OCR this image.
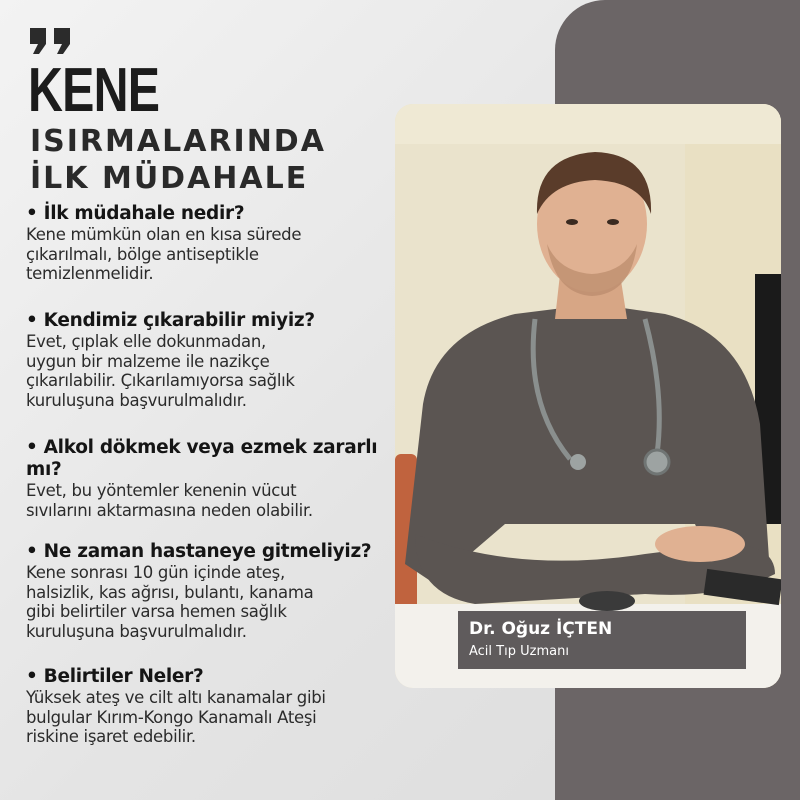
KENE
ISIRMALARINDA
İLK MÜDAHALE
• İlk müdahale nedir?
Kene mümkün olan en kısa sürede
çıkarılmalı, bölge antiseptikle
temizlenmelidir.
• Kendimiz çıkarabilir miyiz?
Evet, çıplak elle dokunmadan,
uygun bir malzeme ile nazikçe
çıkarılabilir. Çıkarılamıyorsa sağlık
kuruluşuna başvurulmalıdır.
• Alkol dökmek veya ezmek zararlı
mı?
Evet, bu yöntemler kenenin vücut
sıvılarını aktarmasına neden olabilir.
• Ne zaman hastaneye gitmeliyiz?
Kene sonrası 10 gün içinde ateş,
halsizlik, kas ağrısı, bulantı, kanama
gibi belirtiler varsa hemen sağlık
kuruluşuna başvurulmalıdır.
• Belirtiler Neler?
Yüksek ateş ve cilt altı kanamalar gibi
bulgular Kırım-Kongo Kanamalı Ateşi
riskine işaret edebilir.
Dr. Oğuz İÇTEN
Acil Tıp Uzmanı
